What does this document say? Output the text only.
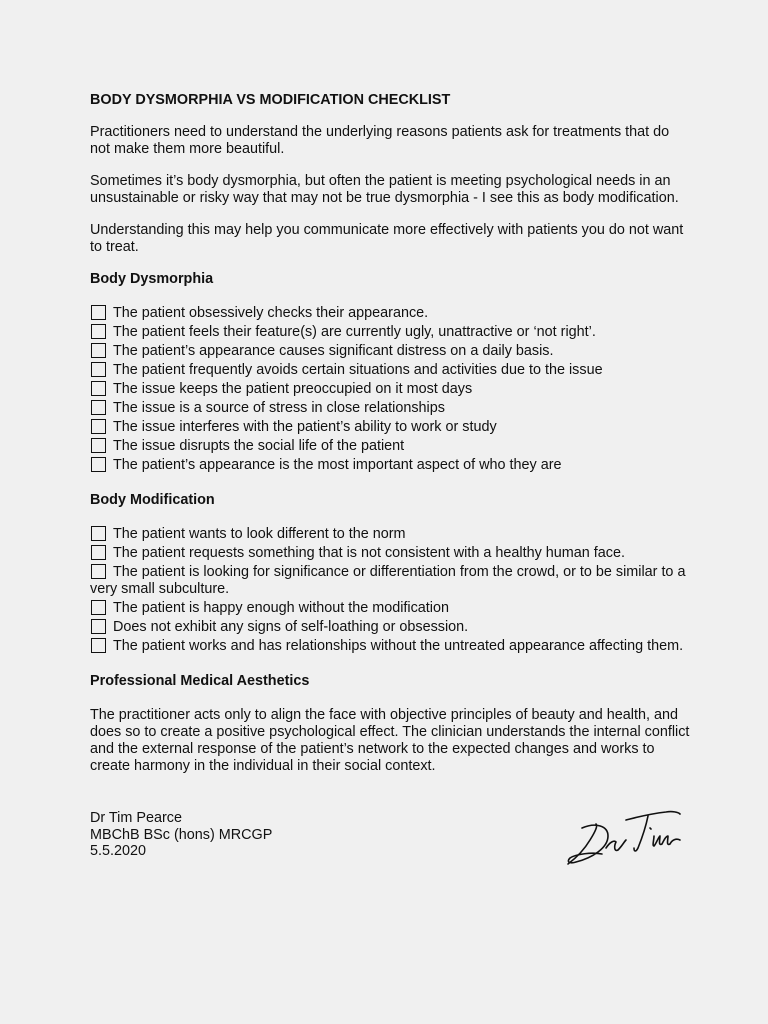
BODY DYSMORPHIA VS MODIFICATION CHECKLIST

Practitioners need to understand the underlying reasons patients ask for treatments that do not make them more beautiful.

Sometimes it’s body dysmorphia, but often the patient is meeting psychological needs in an unsustainable or risky way that may not be true dysmorphia - I see this as body modification.

Understanding this may help you communicate more effectively with patients you do not want to treat.

Body Dysmorphia
The patient obsessively checks their appearance.
The patient feels their feature(s) are currently ugly, unattractive or ‘not right’.
The patient’s appearance causes significant distress on a daily basis.
The patient frequently avoids certain situations and activities due to the issue
The issue keeps the patient preoccupied on it most days
The issue is a source of stress in close relationships
The issue interferes with the patient’s ability to work or study
The issue disrupts the social life of the patient
The patient’s appearance is the most important aspect of who they are
Body Modification
The patient wants to look different to the norm
The patient requests something that is not consistent with a healthy human face.
The patient is looking for significance or differentiation from the crowd, or to be similar to a very small subculture.
The patient is happy enough without the modification
Does not exhibit any signs of self-loathing or obsession.
The patient works and has relationships without the untreated appearance affecting them.
Professional Medical Aesthetics

The practitioner acts only to align the face with objective principles of beauty and health, and does so to create a positive psychological effect. The clinician understands the internal conflict and the external response of the patient’s network to the expected changes and works to create harmony in the individual in their social context.

Dr Tim Pearce
MBChB BSc (hons) MRCGP
5.5.2020
